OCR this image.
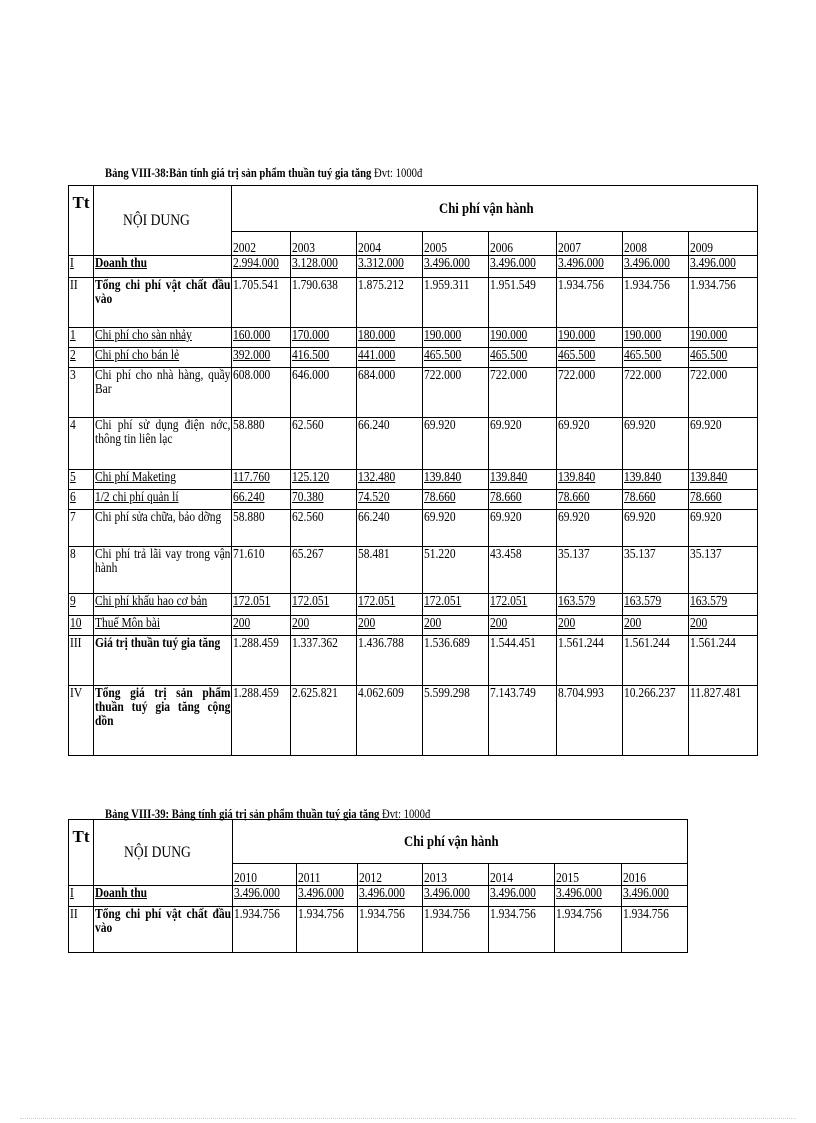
Bảng VIII-38:Bản tính giá trị sản phẩm thuần tuý gia tăng Đvt: 1000đ
Tt	NỘI DUNG	Chi phí vận hành							
		2002	2003	2004	2005	2006	2007	2008	2009
I	Doanh thu	2.994.000	3.128.000	3.312.000	3.496.000	3.496.000	3.496.000	3.496.000	3.496.000
II	Tổng chi phí vật chất đầu vào	1.705.541	1.790.638	1.875.212	1.959.311	1.951.549	1.934.756	1.934.756	1.934.756
1	Chi phí cho sàn nhảy	160.000	170.000	180.000	190.000	190.000	190.000	190.000	190.000
2	Chi phí cho bán lẻ	392.000	416.500	441.000	465.500	465.500	465.500	465.500	465.500
3	Chi phí cho nhà hàng, quầy Bar	608.000	646.000	684.000	722.000	722.000	722.000	722.000	722.000
4	Chi phí sử dụng điện nớc, thông tin liên lạc	58.880	62.560	66.240	69.920	69.920	69.920	69.920	69.920
5	Chi phí Maketing	117.760	125.120	132.480	139.840	139.840	139.840	139.840	139.840
6	1/2 chi phí quản lí	66.240	70.380	74.520	78.660	78.660	78.660	78.660	78.660
7	Chi phí sửa chữa, bảo dỡng	58.880	62.560	66.240	69.920	69.920	69.920	69.920	69.920
8	Chi phí trả lãi vay trong vận hành	71.610	65.267	58.481	51.220	43.458	35.137	35.137	35.137
9	Chi phí khấu hao cơ bản	172.051	172.051	172.051	172.051	172.051	163.579	163.579	163.579
10	Thuế Môn bài	200	200	200	200	200	200	200	200
III	Giá trị thuần tuý gia tăng	1.288.459	1.337.362	1.436.788	1.536.689	1.544.451	1.561.244	1.561.244	1.561.244
IV	Tổng giá trị sản phẩm thuần tuý gia tăng cộng dồn	1.288.459	2.625.821	4.062.609	5.599.298	7.143.749	8.704.993	10.266.237	11.827.481
Bảng VIII-39: Bảng tính giá trị sản phẩm thuần tuý gia tăng Đvt: 1000đ
Tt	NỘI DUNG	Chi phí vận hành						
		2010	2011	2012	2013	2014	2015	2016
I	Doanh thu	3.496.000	3.496.000	3.496.000	3.496.000	3.496.000	3.496.000	3.496.000
II	Tổng chi phí vật chất đầu vào	1.934.756	1.934.756	1.934.756	1.934.756	1.934.756	1.934.756	1.934.756
